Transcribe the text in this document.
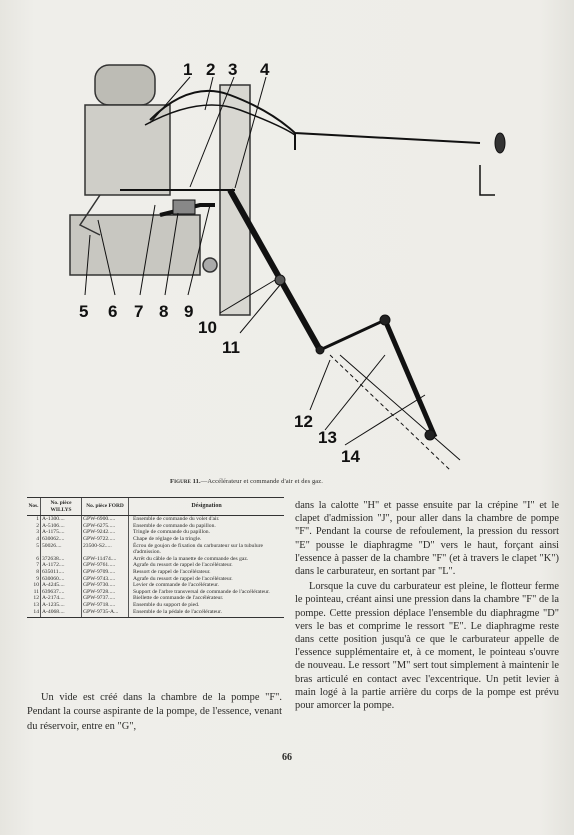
1 2 3 4
5 6 7 8 9
10
11
12
13
14
Figure 11.—Accélérateur et commande d'air et des gaz.
Nos.	No. pièce WILLYS	No. pièce FORD	Désignation
1	A-1300....	GPW-6900.....	Ensemble de commande du volet d'air.
2	A-5106....	GPW-6275.....	Ensemble de commande du papillon.
3	A-1175....	GPW-9242.....	Tringle de commande du papillon.
4	630062....	GPW-9722.....	Chape de réglage de la tringle.
5	50026....	23500-S2.....	Écrou de goujon de fixation du carburateur sur la tubulure d'admission.
6	372638....	GPW-11474....	Arrêt du câble de la manette de commande des gaz.
7	A-1172....	GPW-9761.....	Agrafe du ressort de rappel de l'accélérateur.
8	635011....	GPW-9709.....	Ressort de rappel de l'accélérateur.
9	630060....	GPW-9743.....	Agrafe du ressort de rappel de l'accélérateur.
10	A-4245....	GPW-9730.....	Levier de commande de l'accélérateur.
11	639637....	GPW-9728.....	Support de l'arbre transversal de commande de l'accélérateur.
12	A-2174....	GPW-9737.....	Biellette de commande de l'accélérateur.
13	A-1235....	GPW-9718.....	Ensemble du support de pied.
14	A-4068....	GPW-9735-A...	Ensemble de la pédale de l'accélérateur.
Un vide est créé dans la chambre de la pompe "F". Pendant la course aspirante de la pompe, de l'essence, venant du réservoir, entre en "G",

dans la calotte "H" et passe ensuite par la crépine "I" et le clapet d'admission "J", pour aller dans la chambre de pompe "F". Pendant la course de refoulement, la pression du ressort "E" pousse le diaphragme "D" vers le haut, forçant ainsi l'essence à passer de la chambre "F" (et à travers le clapet "K") dans le carburateur, en sortant par "L".

Lorsque la cuve du carburateur est pleine, le flotteur ferme le pointeau, créant ainsi une pression dans la chambre "F" de la pompe. Cette pression déplace l'ensemble du diaphragme "D" vers le bas et comprime le ressort "E". Le diaphragme reste dans cette position jusqu'à ce que le carburateur appelle de l'essence supplémentaire et, à ce moment, le pointeau s'ouvre de nouveau. Le ressort "M" sert tout simplement à maintenir le bras articulé en contact avec l'excentrique. Un petit levier à main logé à la partie arrière du corps de la pompe est prévu pour amorcer la pompe.

66
